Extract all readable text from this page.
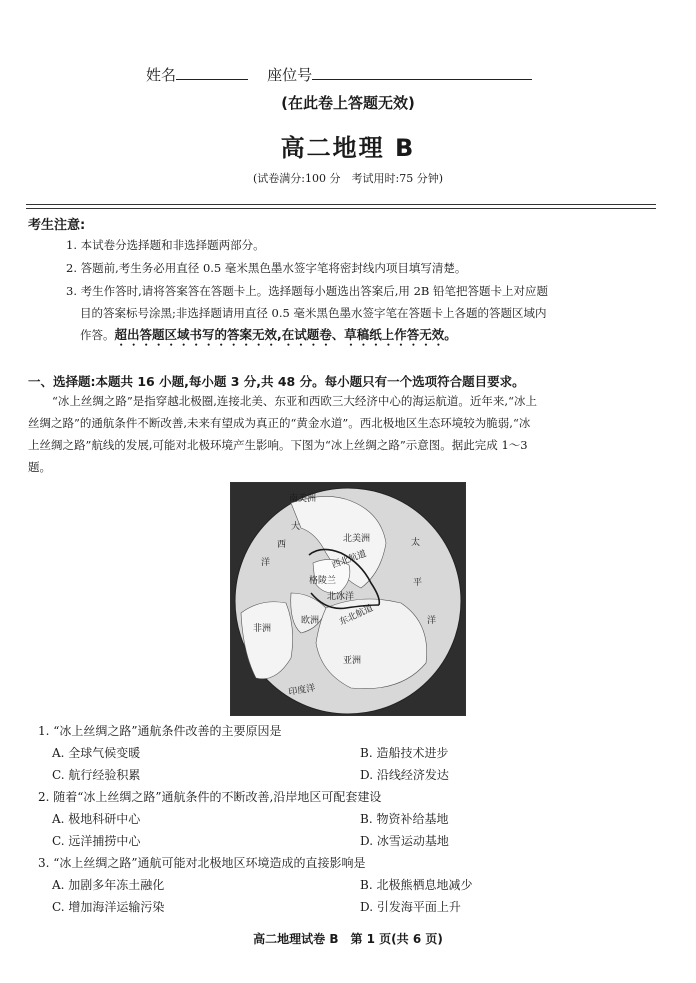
姓名	座位号
(在此卷上答题无效)
高二地理 B
(试卷满分:100 分　考试用时:75 分钟)
考生注意:
1. 本试卷分选择题和非选择题两部分。
2. 答题前,考生务必用直径 0.5 毫米黑色墨水签字笔将密封线内项目填写清楚。
3. 考生作答时,请将答案答在答题卡上。选择题每小题选出答案后,用 2B 铅笔把答题卡上对应题
目的答案标号涂黑;非选择题请用直径 0.5 毫米黑色墨水签字笔在答题卡上各题的答题区域内
作答。超出答题区域书写的答案无效,在试题卷、草稿纸上作答无效。
一、选择题:本题共 16 小题,每小题 3 分,共 48 分。每小题只有一个选项符合题目要求。
“冰上丝绸之路”是指穿越北极圈,连接北美、东亚和西欧三大经济中心的海运航道。近年来,“冰上
丝绸之路”的通航条件不断改善,未来有望成为真正的“黄金水道”。西北极地区生态环境较为脆弱,“冰
上丝绸之路”航线的发展,可能对北极环境产生影响。下图为“冰上丝绸之路”示意图。据此完成 1～3
题。
南美洲
大
西
洋
北美洲	太
平
洋
西北航道
格陵兰
北冰洋
东北航道
非洲
欧洲
亚洲
印度洋
1. “冰上丝绸之路”通航条件改善的主要原因是
A. 全球气候变暖	B. 造船技术进步
C. 航行经验积累	D. 沿线经济发达
2. 随着“冰上丝绸之路”通航条件的不断改善,沿岸地区可配套建设
A. 极地科研中心	B. 物资补给基地
C. 远洋捕捞中心	D. 冰雪运动基地
3. “冰上丝绸之路”通航可能对北极地区环境造成的直接影响是
A. 加剧多年冻土融化	B. 北极熊栖息地减少
C. 增加海洋运输污染	D. 引发海平面上升
高二地理试卷 B　第 1 页(共 6 页)
